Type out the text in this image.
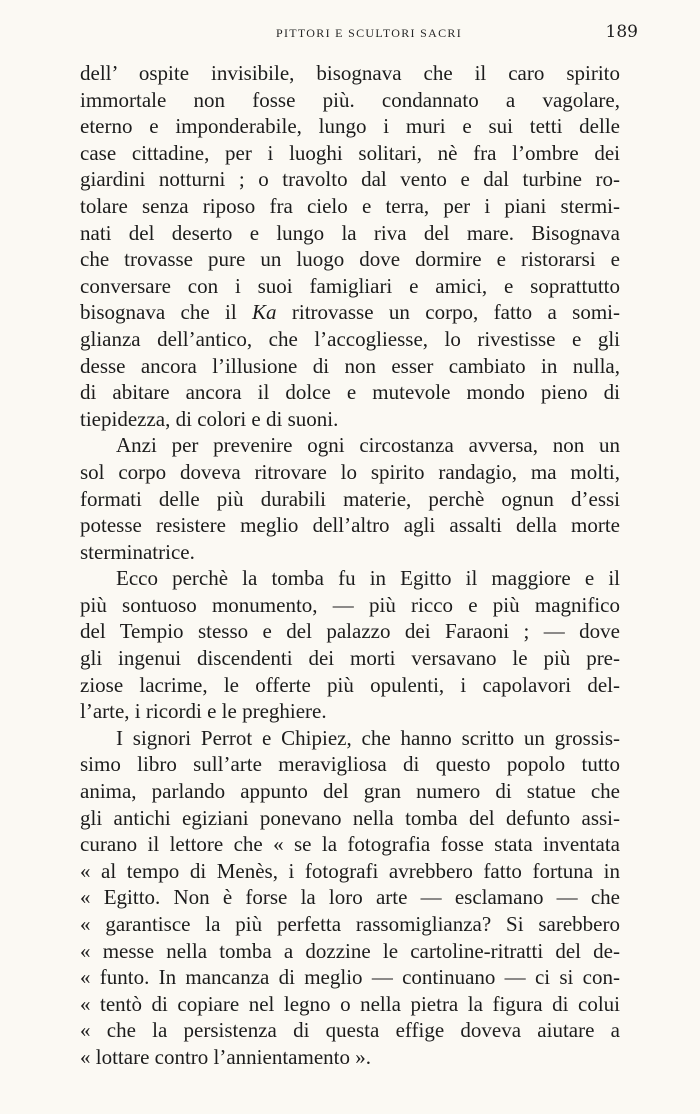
PITTORI E SCULTORI SACRI	189
dell’ ospite invisibile, bisognava che il caro spirito
immortale non fosse più. condannato a vagolare,
eterno e imponderabile, lungo i muri e sui tetti delle
case cittadine, per i luoghi solitari, nè fra l’ombre dei
giardini notturni ; o travolto dal vento e dal turbine ro-
tolare senza riposo fra cielo e terra, per i piani stermi-
nati del deserto e lungo la riva del mare. Bisognava
che trovasse pure un luogo dove dormire e ristorarsi e
conversare con i suoi famigliari e amici, e soprattutto
bisognava che il Ka ritrovasse un corpo, fatto a somi-
glianza dell’antico, che l’accogliesse, lo rivestisse e gli
desse ancora l’illusione di non esser cambiato in nulla,
di abitare ancora il dolce e mutevole mondo pieno di
tiepidezza, di colori e di suoni.
Anzi per prevenire ogni circostanza avversa, non un
sol corpo doveva ritrovare lo spirito randagio, ma molti,
formati delle più durabili materie, perchè ognun d’essi
potesse resistere meglio dell’altro agli assalti della morte
sterminatrice.
Ecco perchè la tomba fu in Egitto il maggiore e il
più sontuoso monumento, — più ricco e più magnifico
del Tempio stesso e del palazzo dei Faraoni ; — dove
gli ingenui discendenti dei morti versavano le più pre-
ziose lacrime, le offerte più opulenti, i capolavori del-
l’arte, i ricordi e le preghiere.
I signori Perrot e Chipiez, che hanno scritto un grossis-
simo libro sull’arte meravigliosa di questo popolo tutto
anima, parlando appunto del gran numero di statue che
gli antichi egiziani ponevano nella tomba del defunto assi-
curano il lettore che « se la fotografia fosse stata inventata
« al tempo di Menès, i fotografi avrebbero fatto fortuna in
« Egitto. Non è forse la loro arte — esclamano — che
« garantisce la più perfetta rassomiglianza? Si sarebbero
« messe nella tomba a dozzine le cartoline-ritratti del de-
« funto. In mancanza di meglio — continuano — ci si con-
« tentò di copiare nel legno o nella pietra la figura di colui
« che la persistenza di questa effige doveva aiutare a
« lottare contro l’annientamento ».
